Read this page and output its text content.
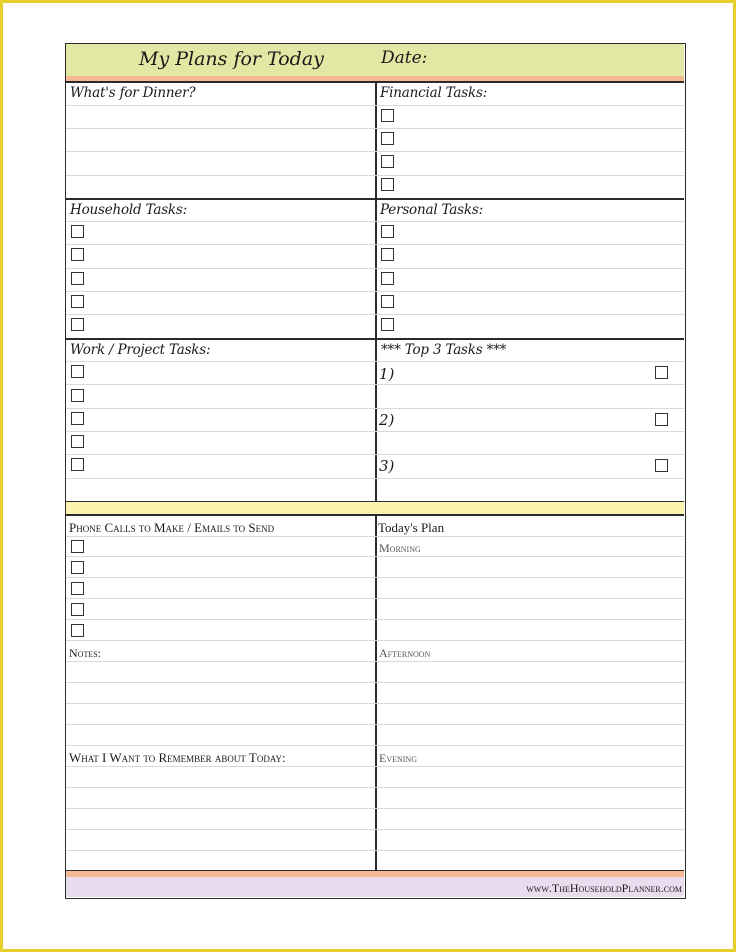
My Plans for Today	Date:
What's for Dinner?	Financial Tasks:
Household Tasks:	Personal Tasks:
Work / Project Tasks:	*** Top 3 Tasks ***
1)
2)
3)
Phone Calls to Make / Emails to Send	Today's Plan
Notes:
What I Want to Remember about Today:
Morning
Afternoon
Evening
www.TheHouseholdPlanner.com
